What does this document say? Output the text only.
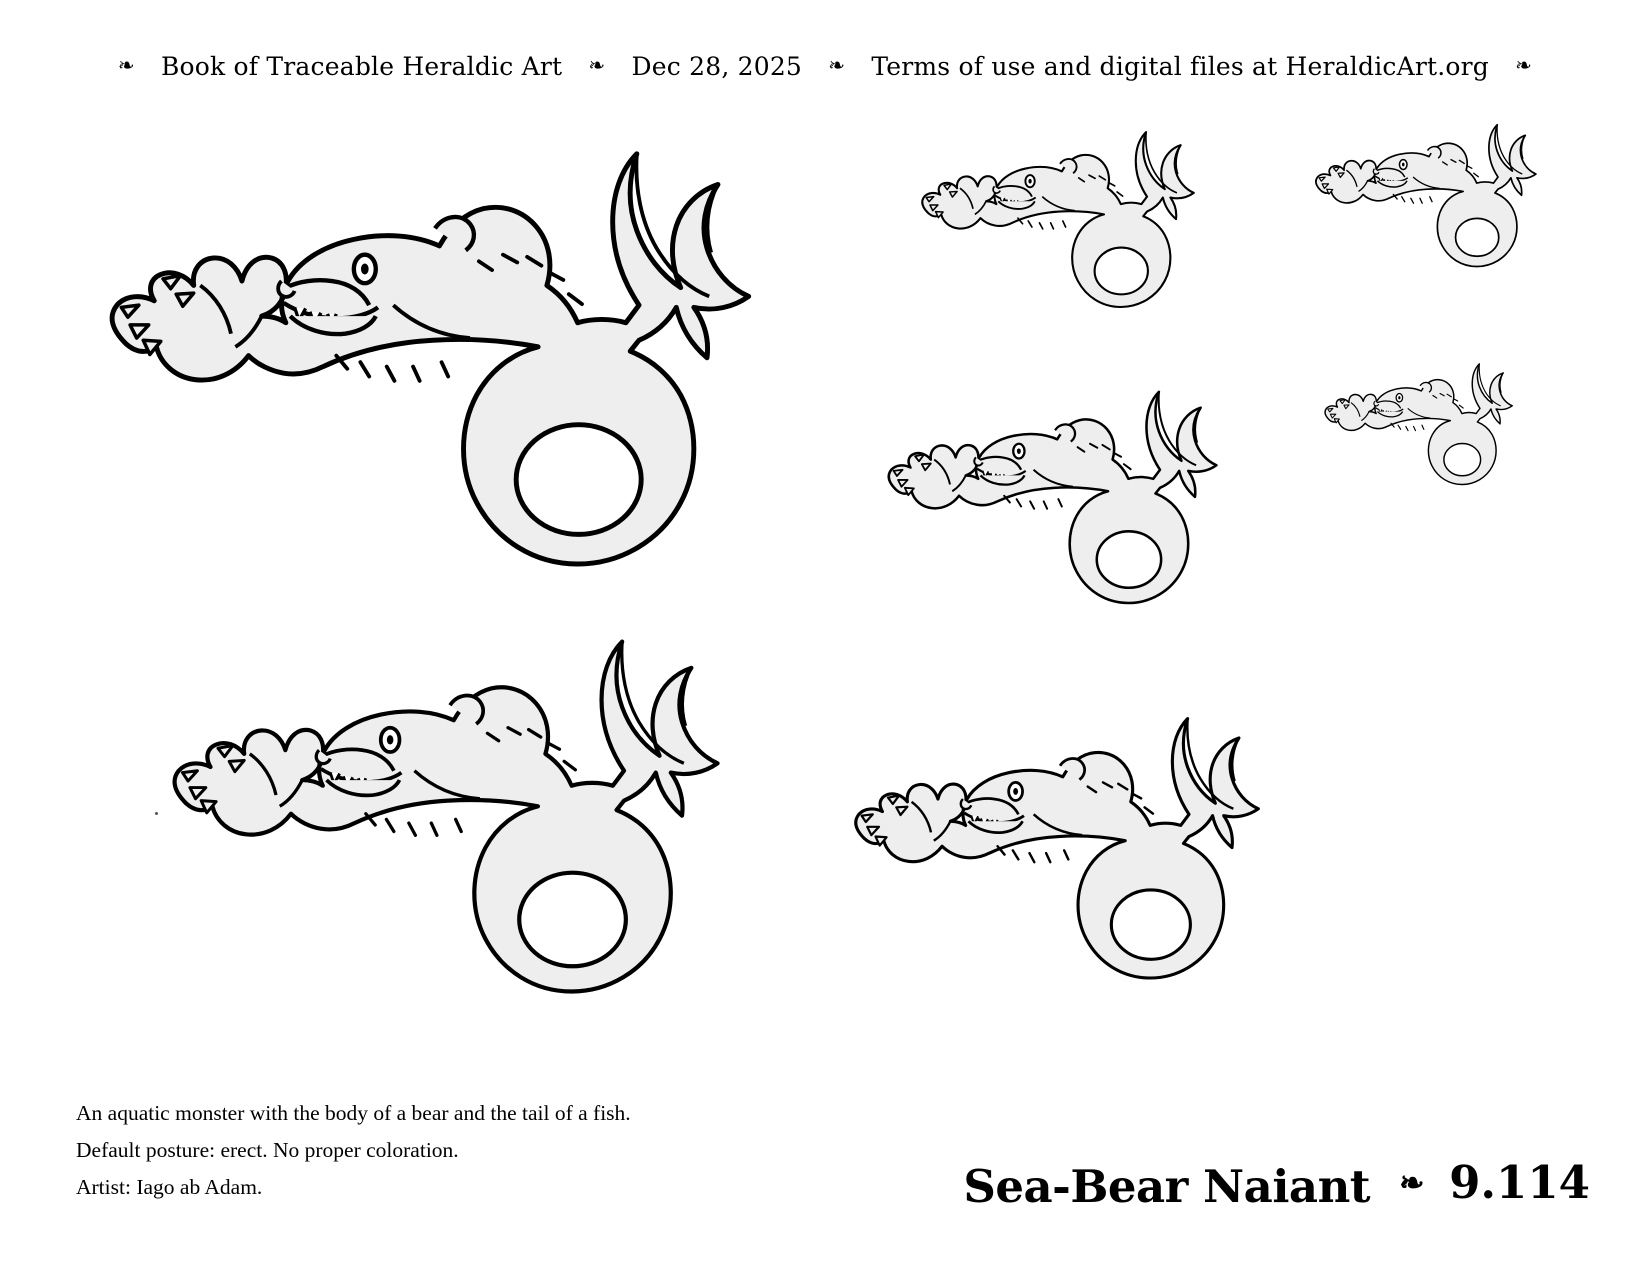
❧ Book of Traceable Heraldic Art ❧ Dec 28, 2025 ❧ Terms of use and digital files at HeraldicArt.org ❧
An aquatic monster with the body of a bear and the tail of a fish.
Default posture: erect. No proper coloration.
Artist: Iago ab Adam.	Sea-Bear Naiant ❧ 9.114
